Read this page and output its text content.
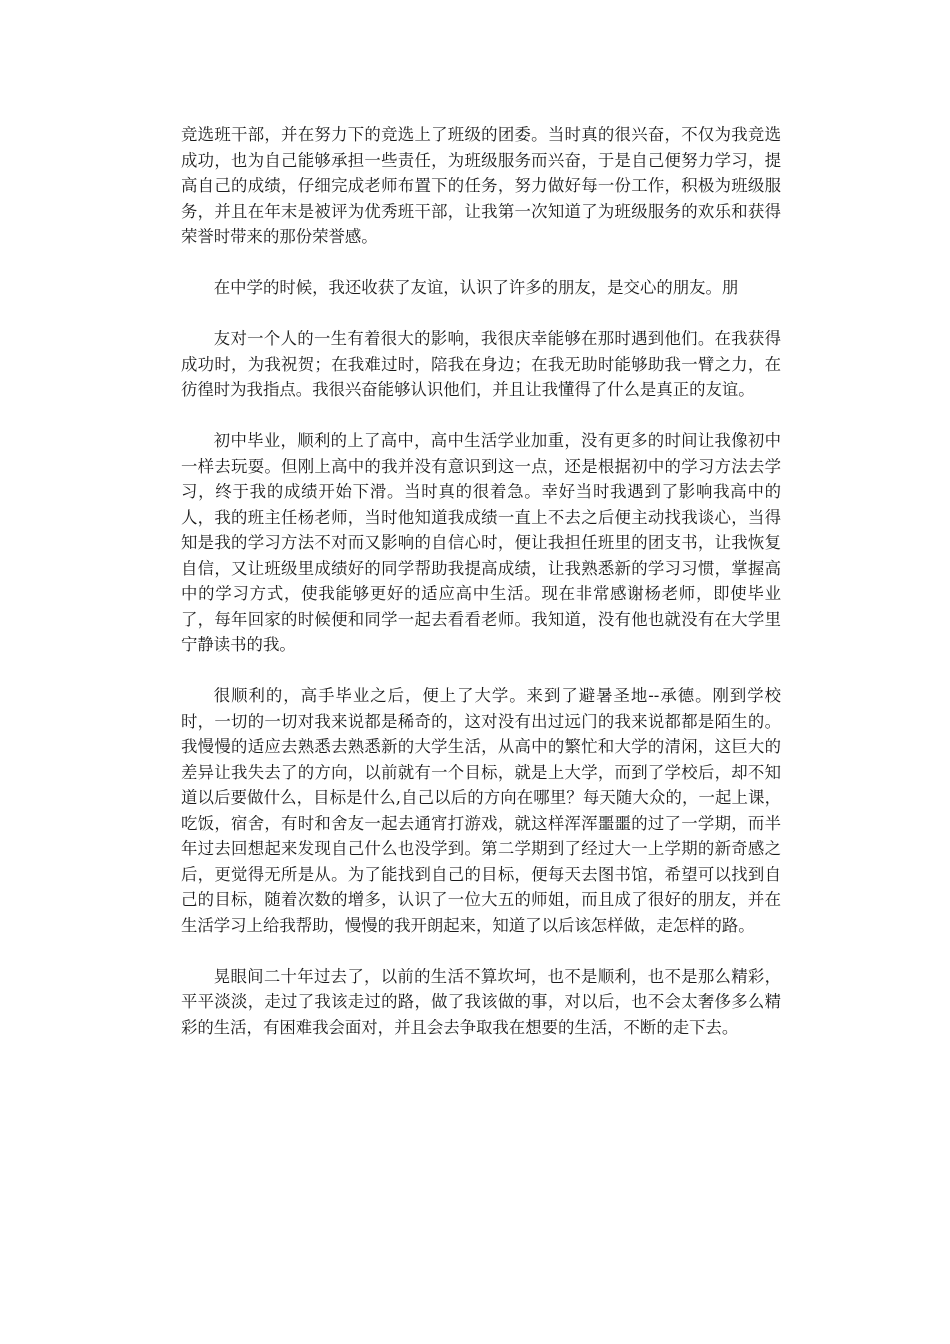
竞选班干部，并在努力下的竞选上了班级的团委。当时真的很兴奋，不仅为我竞选成功，也为自己能够承担一些责任，为班级服务而兴奋，于是自己便努力学习，提高自己的成绩，仔细完成老师布置下的任务，努力做好每一份工作，积极为班级服务，并且在年末是被评为优秀班干部，让我第一次知道了为班级服务的欢乐和获得荣誉时带来的那份荣誉感。

在中学的时候，我还收获了友谊，认识了许多的朋友，是交心的朋友。朋

友对一个人的一生有着很大的影响，我很庆幸能够在那时遇到他们。在我获得成功时，为我祝贺；在我难过时，陪我在身边；在我无助时能够助我一臂之力，在彷徨时为我指点。我很兴奋能够认识他们，并且让我懂得了什么是真正的友谊。

初中毕业，顺利的上了高中，高中生活学业加重，没有更多的时间让我像初中一样去玩耍。但刚上高中的我并没有意识到这一点，还是根据初中的学习方法去学习，终于我的成绩开始下滑。当时真的很着急。幸好当时我遇到了影响我高中的人，我的班主任杨老师，当时他知道我成绩一直上不去之后便主动找我谈心，当得知是我的学习方法不对而又影响的自信心时，便让我担任班里的团支书，让我恢复自信，又让班级里成绩好的同学帮助我提高成绩，让我熟悉新的学习习惯，掌握高中的学习方式，使我能够更好的适应高中生活。现在非常感谢杨老师，即使毕业了，每年回家的时候便和同学一起去看看老师。我知道，没有他也就没有在大学里宁静读书的我。

很顺利的，高手毕业之后，便上了大学。来到了避暑圣地--承德。刚到学校时，一切的一切对我来说都是稀奇的，这对没有出过远门的我来说都都是陌生的。我慢慢的适应去熟悉去熟悉新的大学生活，从高中的繁忙和大学的清闲，这巨大的差异让我失去了的方向，以前就有一个目标，就是上大学，而到了学校后，却不知道以后要做什么，目标是什么,自己以后的方向在哪里？每天随大众的，一起上课，吃饭，宿舍，有时和舍友一起去通宵打游戏，就这样浑浑噩噩的过了一学期，而半年过去回想起来发现自己什么也没学到。第二学期到了经过大一上学期的新奇感之后，更觉得无所是从。为了能找到自己的目标，便每天去图书馆，希望可以找到自己的目标，随着次数的增多，认识了一位大五的师姐，而且成了很好的朋友，并在生活学习上给我帮助，慢慢的我开朗起来，知道了以后该怎样做，走怎样的路。

晃眼间二十年过去了，以前的生活不算坎坷，也不是顺利，也不是那么精彩，平平淡淡，走过了我该走过的路，做了我该做的事，对以后，也不会太奢侈多么精彩的生活，有困难我会面对，并且会去争取我在想要的生活，不断的走下去。
